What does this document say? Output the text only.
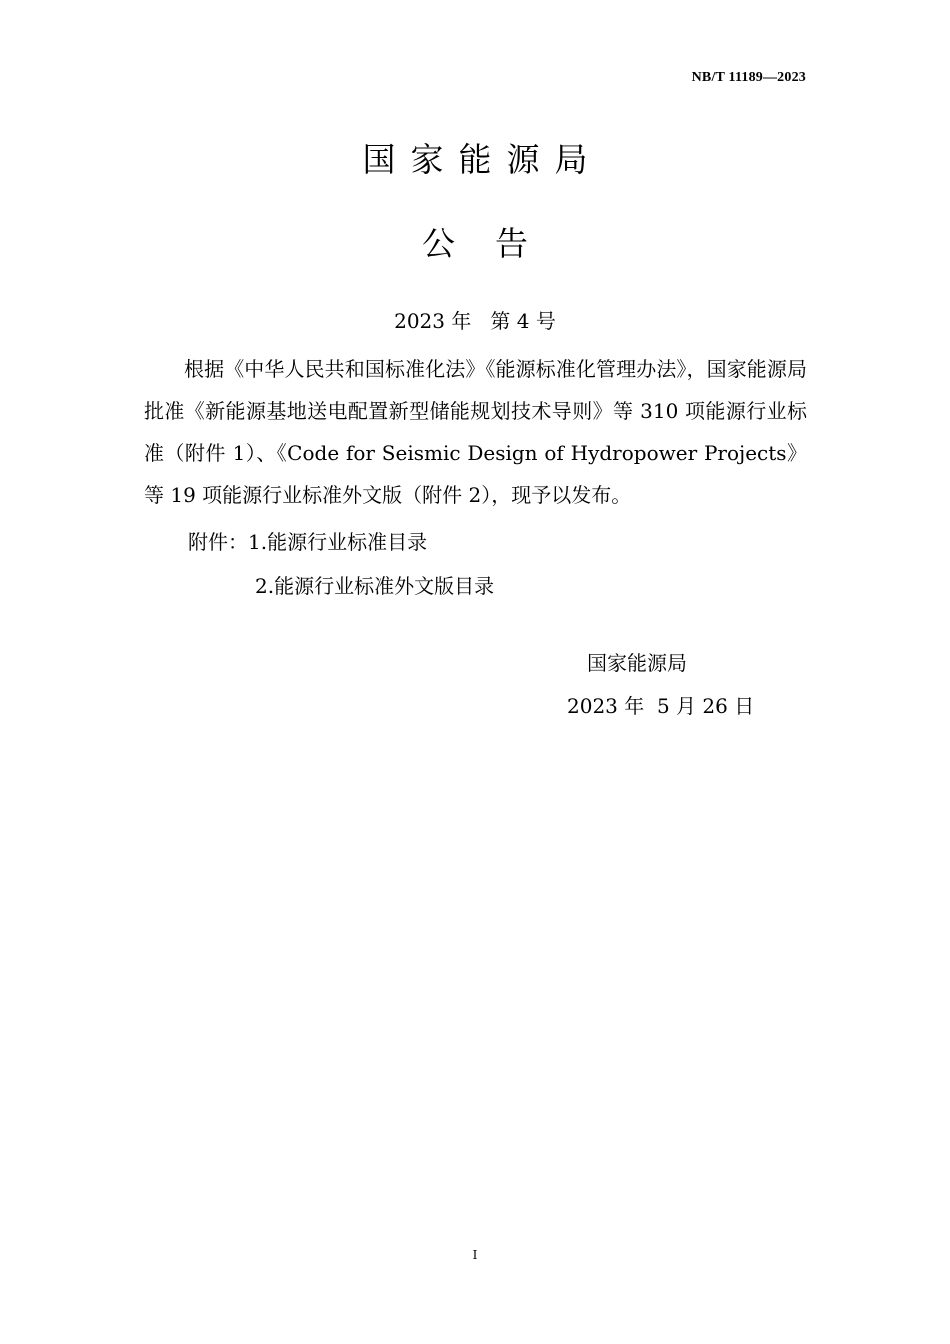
NB/T 11189—2023
国家能源局
公告
2023 年   第 4 号

根据《中华人民共和国标准化法》《能源标准化管理办法》，国家能源局批准《新能源基地送电配置新型储能规划技术导则》等 310 项能源行业标准（附件 1）、《Code for Seismic Design of Hydropower Projects》等 19 项能源行业标准外文版（附件 2），现予以发布。

附件：1.能源行业标准目录
2.能源行业标准外文版目录
国家能源局
2023 年  5 月 26 日
I
